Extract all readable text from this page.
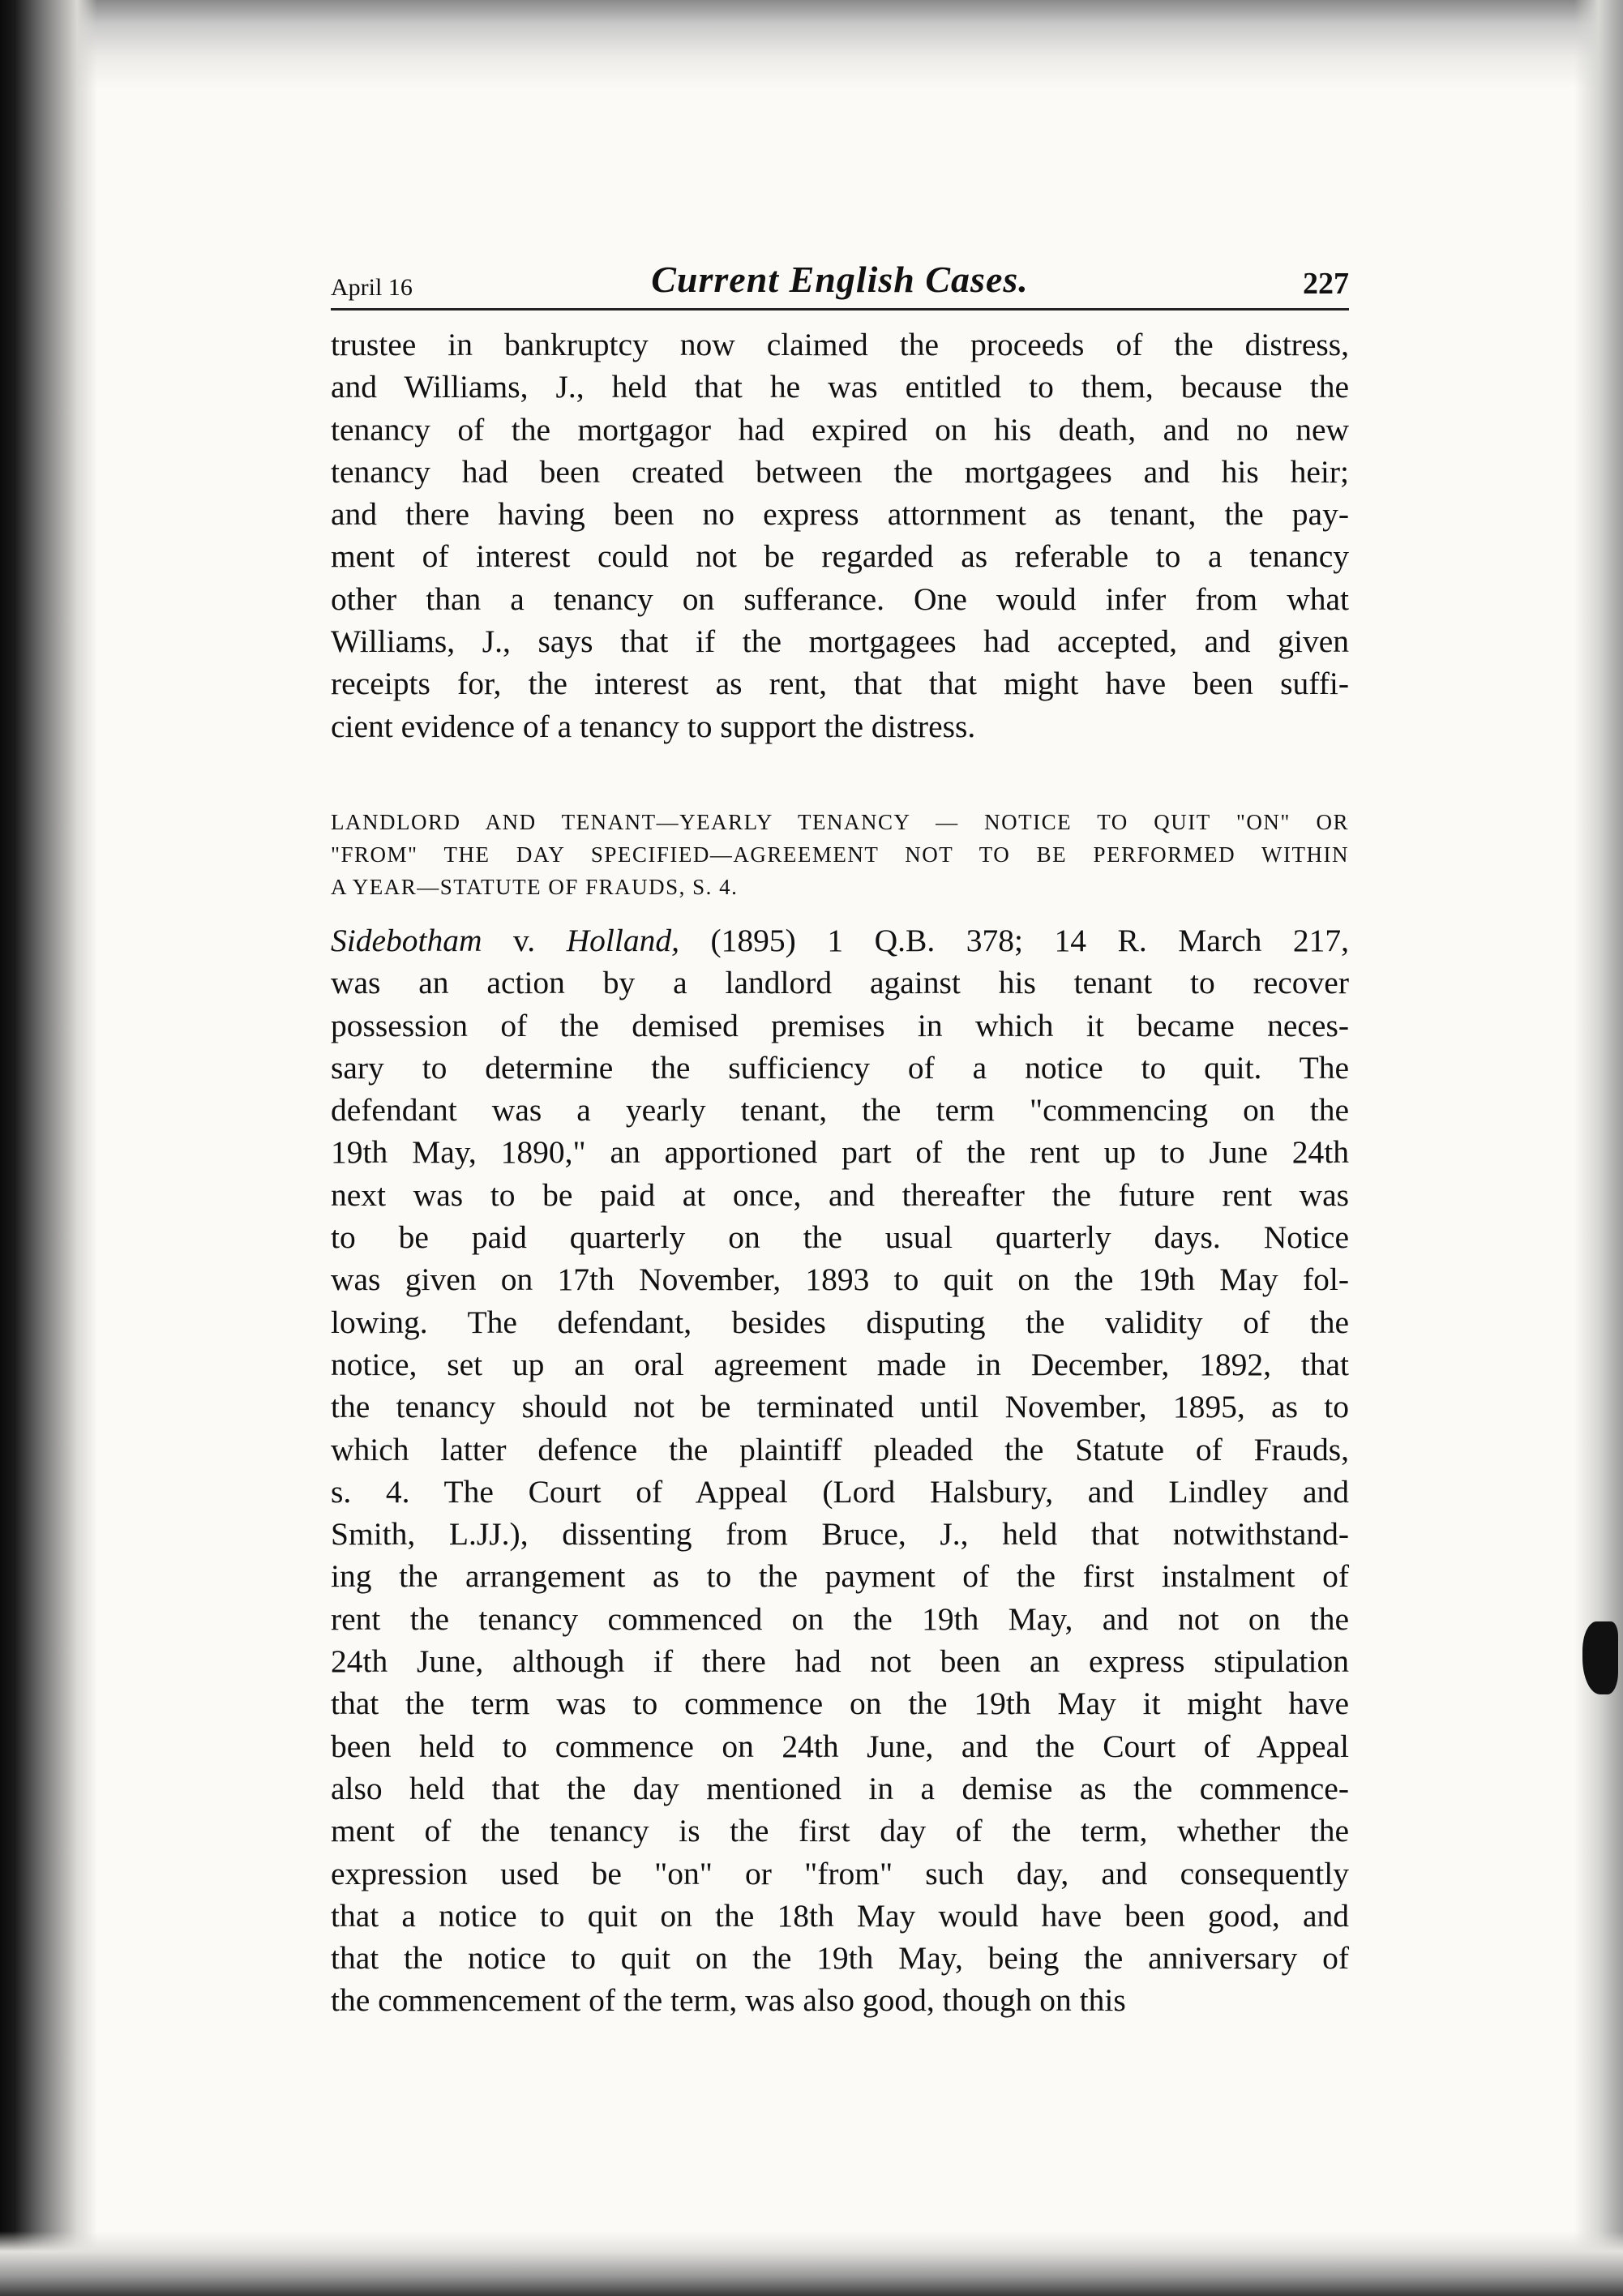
April 16	Current English Cases.	227
trustee in bankruptcy now claimed the proceeds of the distress,
and Williams, J., held that he was entitled to them, because the
tenancy of the mortgagor had expired on his death, and no new
tenancy had been created between the mortgagees and his heir;
and there having been no express attornment as tenant, the pay-
ment of interest could not be regarded as referable to a tenancy
other than a tenancy on sufferance. One would infer from what
Williams, J., says that if the mortgagees had accepted, and given
receipts for, the interest as rent, that that might have been suffi-
cient evidence of a tenancy to support the distress.
LANDLORD AND TENANT—YEARLY TENANCY — NOTICE TO QUIT "ON" OR
"FROM" THE DAY SPECIFIED—AGREEMENT NOT TO BE PERFORMED WITHIN
A YEAR—STATUTE OF FRAUDS, S. 4.
Sidebotham v. Holland, (1895) 1 Q.B. 378; 14 R. March 217,
was an action by a landlord against his tenant to recover
possession of the demised premises in which it became neces-
sary to determine the sufficiency of a notice to quit. The
defendant was a yearly tenant, the term "commencing on the
19th May, 1890," an apportioned part of the rent up to June 24th
next was to be paid at once, and thereafter the future rent was
to be paid quarterly on the usual quarterly days. Notice
was given on 17th November, 1893 to quit on the 19th May fol-
lowing. The defendant, besides disputing the validity of the
notice, set up an oral agreement made in December, 1892, that
the tenancy should not be terminated until November, 1895, as to
which latter defence the plaintiff pleaded the Statute of Frauds,
s. 4. The Court of Appeal (Lord Halsbury, and Lindley and
Smith, L.JJ.), dissenting from Bruce, J., held that notwithstand-
ing the arrangement as to the payment of the first instalment of
rent the tenancy commenced on the 19th May, and not on the
24th June, although if there had not been an express stipulation
that the term was to commence on the 19th May it might have
been held to commence on 24th June, and the Court of Appeal
also held that the day mentioned in a demise as the commence-
ment of the tenancy is the first day of the term, whether the
expression used be "on" or "from" such day, and consequently
that a notice to quit on the 18th May would have been good, and
that the notice to quit on the 19th May, being the anniversary of
the commencement of the term, was also good, though on this
